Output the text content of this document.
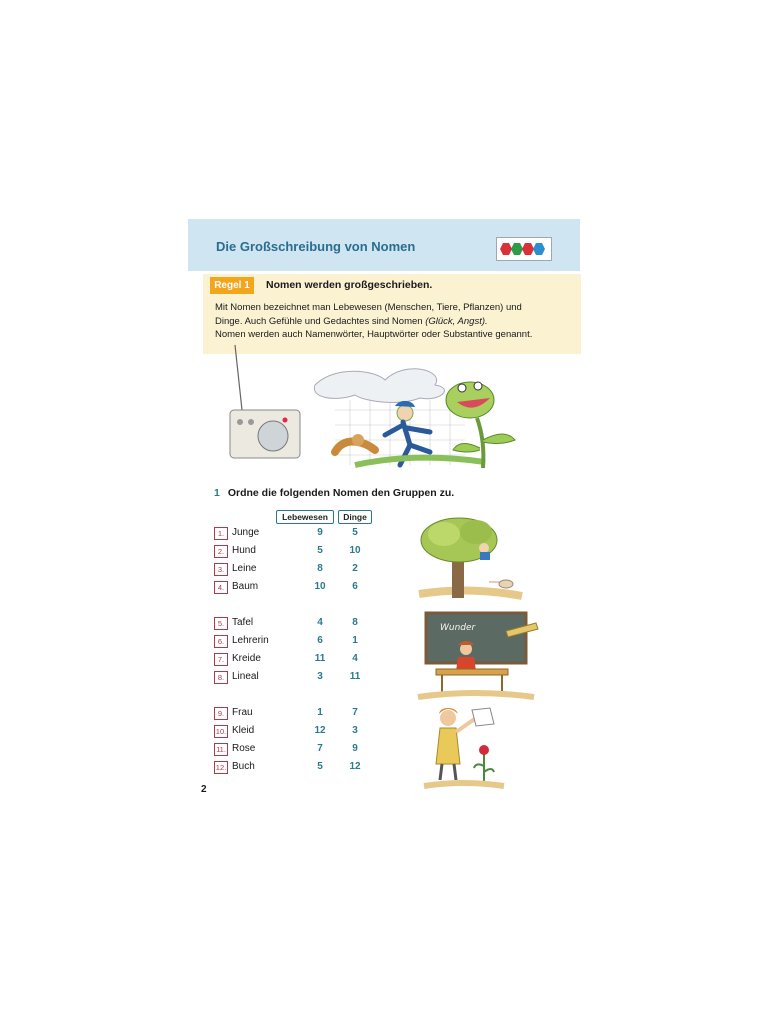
Die Großschreibung von Nomen
Regel 1	Nomen werden großgeschrieben.
Mit Nomen bezeichnet man Lebewesen (Menschen, Tiere, Pflanzen) und
Dinge. Auch Gefühle und Gedachtes sind Nomen (Glück, Angst).
Nomen werden auch Namenwörter, Hauptwörter oder Substantive genannt.
1 Ordne die folgenden Nomen den Gruppen zu.
Lebewesen	Dinge
1. Junge	9	5
2. Hund	5	10
3. Leine	8	2
4. Baum	10	6
5. Tafel	4	8
6. Lehrerin	6	1
7. Kreide	11	4
8. Lineal	3	11
9. Frau	1	7
10. Kleid	12	3
11. Rose	7	9
12. Buch	5	12
Wunder
2
